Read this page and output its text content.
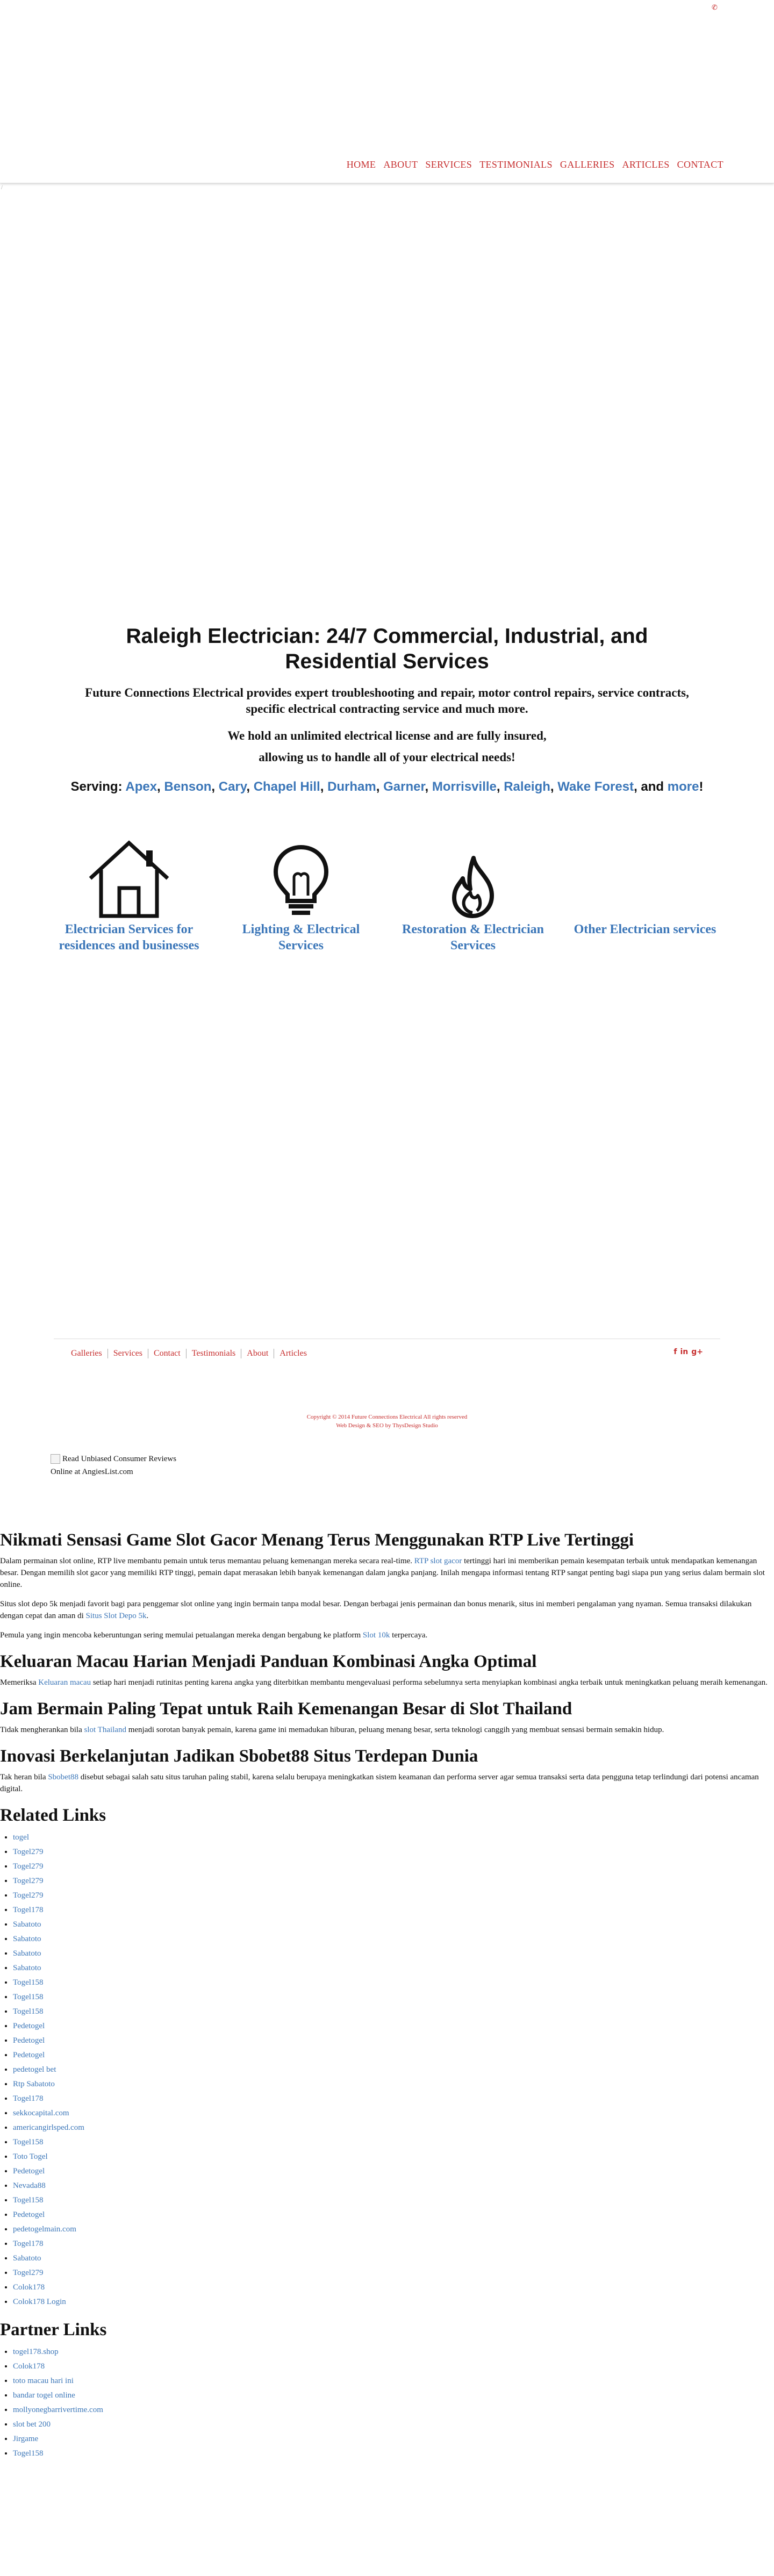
✆
HOME ABOUT SERVICES TESTIMONIALS GALLERIES ARTICLES CONTACT
/
Raleigh Electrician: 24/7 Commercial, Industrial, and Residential Services
Future Connections Electrical provides expert troubleshooting and repair, motor control repairs, service contracts, specific electrical contracting service and much more.
We hold an unlimited electrical license and are fully insured,
allowing us to handle all of your electrical needs!
Serving: Apex, Benson, Cary, Chapel Hill, Durham, Garner, Morrisville, Raleigh, Wake Forest, and more!
Electrician Services for residences and businesses
Lighting & Electrical Services
Restoration & Electrician Services
Other Electrician services
Galleries	Services	Contact	Testimonials	About	Articles	f in g+
Copyright © 2014 Future Connections Electrical All rights reserved
Web Design & SEO by ThysDesign Studio
Read Unbiased Consumer Reviews
Online at AngiesList.com
Nikmati Sensasi Game Slot Gacor Menang Terus Menggunakan RTP Live Tertinggi

Dalam permainan slot online, RTP live membantu pemain untuk terus memantau peluang kemenangan mereka secara real-time. RTP slot gacor tertinggi hari ini memberikan pemain kesempatan terbaik untuk mendapatkan kemenangan besar. Dengan memilih slot gacor yang memiliki RTP tinggi, pemain dapat merasakan lebih banyak kemenangan dalam jangka panjang. Inilah mengapa informasi tentang RTP sangat penting bagi siapa pun yang serius dalam bermain slot online.

Situs slot depo 5k menjadi favorit bagi para penggemar slot online yang ingin bermain tanpa modal besar. Dengan berbagai jenis permainan dan bonus menarik, situs ini memberi pengalaman yang nyaman. Semua transaksi dilakukan dengan cepat dan aman di Situs Slot Depo 5k.

Pemula yang ingin mencoba keberuntungan sering memulai petualangan mereka dengan bergabung ke platform Slot 10k terpercaya.

Keluaran Macau Harian Menjadi Panduan Kombinasi Angka Optimal

Memeriksa Keluaran macau setiap hari menjadi rutinitas penting karena angka yang diterbitkan membantu mengevaluasi performa sebelumnya serta menyiapkan kombinasi angka terbaik untuk meningkatkan peluang meraih kemenangan.

Jam Bermain Paling Tepat untuk Raih Kemenangan Besar di Slot Thailand

Tidak mengherankan bila slot Thailand menjadi sorotan banyak pemain, karena game ini memadukan hiburan, peluang menang besar, serta teknologi canggih yang membuat sensasi bermain semakin hidup.

Inovasi Berkelanjutan Jadikan Sbobet88 Situs Terdepan Dunia

Tak heran bila Sbobet88 disebut sebagai salah satu situs taruhan paling stabil, karena selalu berupaya meningkatkan sistem keamanan dan performa server agar semua transaksi serta data pengguna tetap terlindungi dari potensi ancaman digital.

Related Links
• togel
• Togel279
• Togel279
• Togel279
• Togel279
• Togel178
• Sabatoto
• Sabatoto
• Sabatoto
• Sabatoto
• Togel158
• Togel158
• Togel158
• Pedetogel
• Pedetogel
• Pedetogel
• pedetogel bet
• Rtp Sabatoto
• Togel178
• sekkocapital.com
• americangirlsped.com
• Togel158
• Toto Togel
• Pedetogel
• Nevada88
• Togel158
• Pedetogel
• pedetogelmain.com
• Togel178
• Sabatoto
• Togel279
• Colok178
• Colok178 Login
Partner Links
• togel178.shop
• Colok178
• toto macau hari ini
• bandar togel online
• mollyonegbarrivertime.com
• slot bet 200
• Jirgame
• Togel158
